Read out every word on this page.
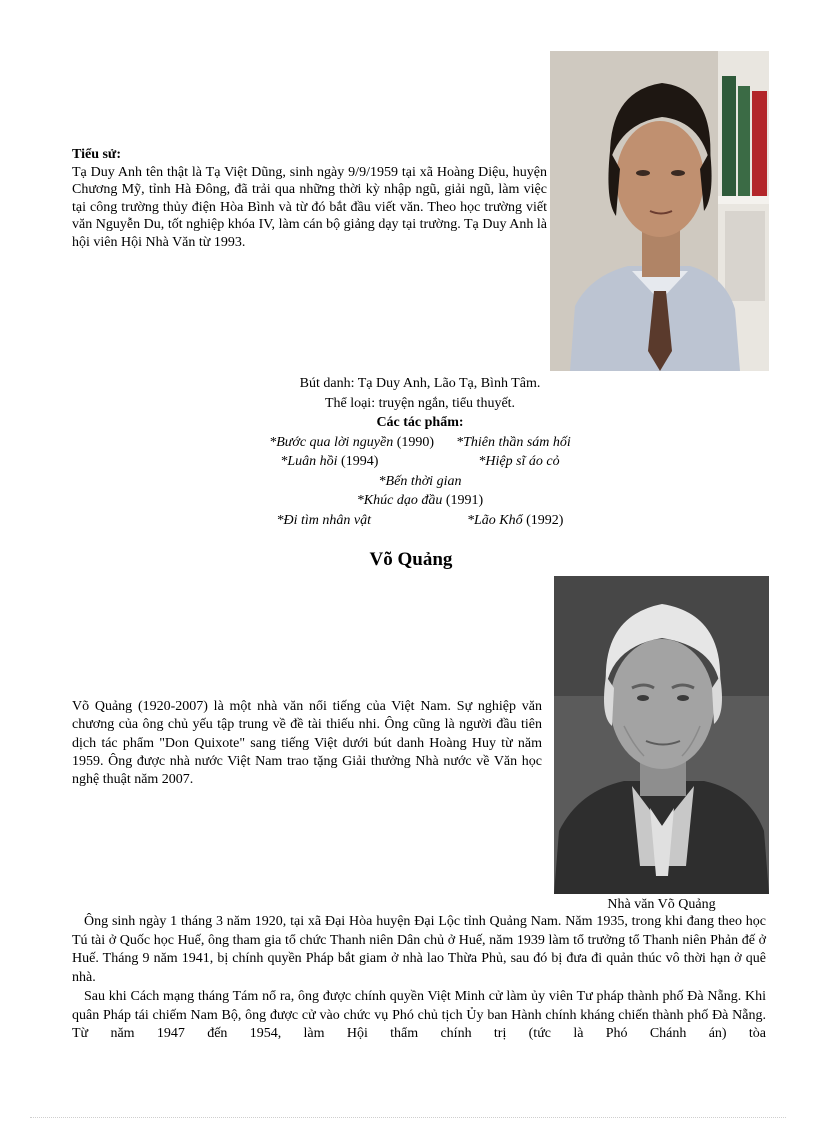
Tiểu sử:
Tạ Duy Anh tên thật là Tạ Việt Dũng, sinh ngày 9/9/1959 tại xã Hoàng Diệu, huyện Chương Mỹ, tỉnh Hà Đông, đã trải qua những thời kỳ nhập ngũ, giải ngũ, làm việc tại công trường thủy điện Hòa Bình và từ đó bắt đầu viết văn. Theo học trường viết văn Nguyễn Du, tốt nghiệp khóa IV, làm cán bộ giảng dạy tại trường. Tạ Duy Anh là hội viên Hội Nhà Văn từ 1993.
Bút danh: Tạ Duy Anh, Lão Tạ, Bình Tâm.
Thể loại: truyện ngắn, tiểu thuyết.
Các tác phẩm:
*Bước qua lời nguyền (1990) *Thiên thần sám hối
*Luân hồi (1994)	*Hiệp sĩ áo cỏ
*Bến thời gian
*Khúc dạo đầu (1991)
*Đi tìm nhân vật	*Lão Khổ (1992)
Võ Quảng
Võ Quảng (1920-2007) là một nhà văn nổi tiếng của Việt Nam. Sự nghiệp văn chương của ông chủ yếu tập trung về đề tài thiếu nhi. Ông cũng là người đầu tiên dịch tác phẩm "Don Quixote" sang tiếng Việt dưới bút danh Hoàng Huy từ năm 1959. Ông được nhà nước Việt Nam trao tặng Giải thưởng Nhà nước về Văn học nghệ thuật năm 2007.
Nhà văn Võ Quảng

Ông sinh ngày 1 tháng 3 năm 1920, tại xã Đại Hòa huyện Đại Lộc tỉnh Quảng Nam. Năm 1935, trong khi đang theo học Tú tài ở Quốc học Huế, ông tham gia tổ chức Thanh niên Dân chủ ở Huế, năm 1939 làm tổ trưởng tổ Thanh niên Phản đế ở Huế. Tháng 9 năm 1941, bị chính quyền Pháp bắt giam ở nhà lao Thừa Phủ, sau đó bị đưa đi quản thúc vô thời hạn ở quê nhà.

Sau khi Cách mạng tháng Tám nổ ra, ông được chính quyền Việt Minh cử làm ủy viên Tư pháp thành phố Đà Nẵng. Khi quân Pháp tái chiếm Nam Bộ, ông được cử vào chức vụ Phó chủ tịch Ủy ban Hành chính kháng chiến thành phố Đà Nẵng. Từ năm 1947 đến 1954, làm Hội thẩm chính trị (tức là Phó Chánh án) tòa
